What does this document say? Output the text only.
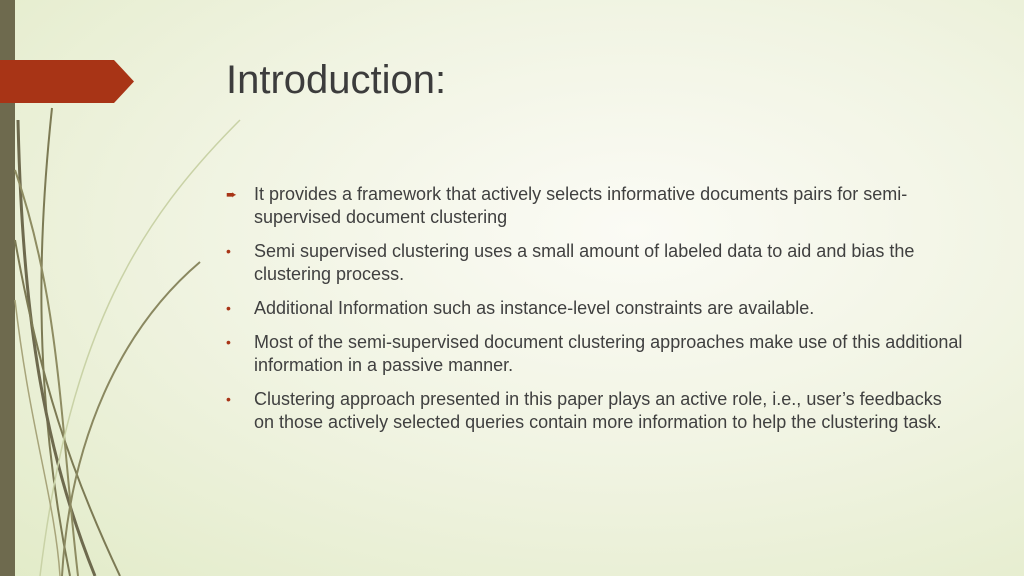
Introduction:
➨ It provides a framework that actively selects informative documents pairs for semi-supervised document clustering
•	Semi supervised clustering uses a small amount of labeled data to aid and bias the clustering process.
•	Additional Information such as instance-level constraints are available.
•	Most of the semi-supervised document clustering approaches make use of this additional information in a passive manner.
•	Clustering approach presented in this paper plays an active role, i.e., user’s feedbacks on those actively selected queries contain more information to help the clustering task.
